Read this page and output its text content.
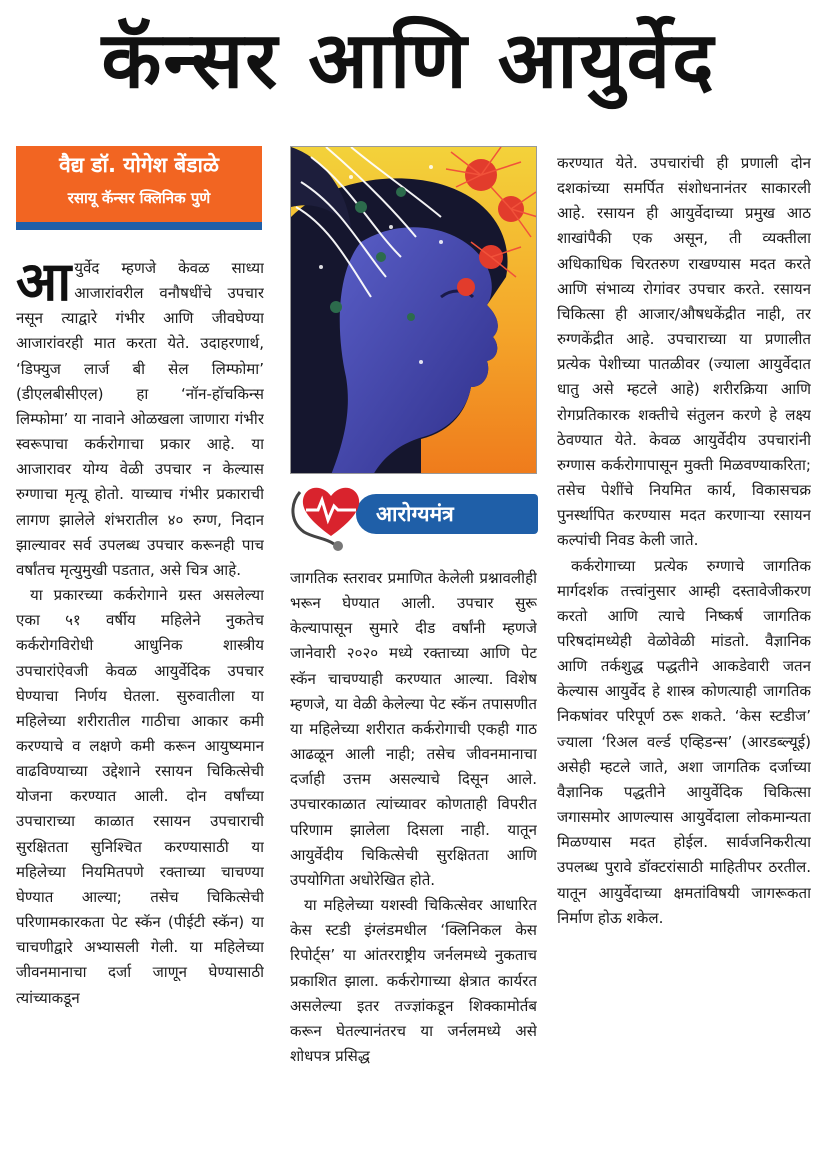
कॅन्सर आणि आयुर्वेद
वैद्य डॉ. योगेश बेंडाळे
रसायू कॅन्सर क्लिनिक पुणे
आरोग्यमंत्र

आयुर्वेद म्हणजे केवळ साध्या आजारांवरील वनौषधींचे उपचार नसून त्याद्वारे गंभीर आणि जीवघेण्या आजारांवरही मात करता येते. उदाहरणार्थ, ‘डिफ्युज लार्ज बी सेल लिम्फोमा’ (डीएलबीसीएल) हा ‘नॉन-हॉचकिन्स लिम्फोमा’ या नावाने ओळखला जाणारा गंभीर स्वरूपाचा कर्करोगाचा प्रकार आहे. या आजारावर योग्य वेळी उपचार न केल्यास रुग्णाचा मृत्यू होतो. याच्याच गंभीर प्रकाराची लागण झालेले शंभरातील ४० रुग्ण, निदान झाल्यावर सर्व उपलब्ध उपचार करूनही पाच वर्षांतच मृत्युमुखी पडतात, असे चित्र आहे.

या प्रकारच्या कर्करोगाने ग्रस्त असलेल्या एका ५१ वर्षीय महिलेने नुकतेच कर्करोगविरोधी आधुनिक शास्त्रीय उपचारांऐवजी केवळ आयुर्वेदिक उपचार घेण्याचा निर्णय घेतला. सुरुवातीला या महिलेच्या शरीरातील गाठीचा आकार कमी करण्याचे व लक्षणे कमी करून आयुष्यमान वाढविण्याच्या उद्देशाने रसायन चिकित्सेची योजना करण्यात आली. दोन वर्षांच्या उपचाराच्या काळात रसायन उपचाराची सुरक्षितता सुनिश्चित करण्यासाठी या महिलेच्या नियमितपणे रक्ताच्या चाचण्या घेण्यात आल्या; तसेच चिकित्सेची परिणामकारकता पेट स्कॅन (पीईटी स्कॅन) या चाचणीद्वारे अभ्यासली गेली. या महिलेच्या जीवनमानाचा दर्जा जाणून घेण्यासाठी त्यांच्याकडून

जागतिक स्तरावर प्रमाणित केलेली प्रश्नावलीही भरून घेण्यात आली. उपचार सुरू केल्यापासून सुमारे दीड वर्षांनी म्हणजे जानेवारी २०२० मध्ये रक्ताच्या आणि पेट स्कॅन चाचण्याही करण्यात आल्या. विशेष म्हणजे, या वेळी केलेल्या पेट स्कॅन तपासणीत या महिलेच्या शरीरात कर्करोगाची एकही गाठ आढळून आली नाही; तसेच जीवनमानाचा दर्जाही उत्तम असल्याचे दिसून आले. उपचारकाळात त्यांच्यावर कोणताही विपरीत परिणाम झालेला दिसला नाही. यातून आयुर्वेदीय चिकित्सेची सुरक्षितता आणि उपयोगिता अधोरेखित होते.

या महिलेच्या यशस्वी चिकित्सेवर आधारित केस स्टडी इंग्लंडमधील ‘क्लिनिकल केस रिपोर्ट्स’ या आंतरराष्ट्रीय जर्नलमध्ये नुकताच प्रकाशित झाला. कर्करोगाच्या क्षेत्रात कार्यरत असलेल्या इतर तज्ज्ञांकडून शिक्कामोर्तब करून घेतल्यानंतरच या जर्नलमध्ये असे शोधपत्र प्रसिद्ध

करण्यात येते. उपचारांची ही प्रणाली दोन दशकांच्या समर्पित संशोधनानंतर साकारली आहे. रसायन ही आयुर्वेदाच्या प्रमुख आठ शाखांपैकी एक असून, ती व्यक्तीला अधिकाधिक चिरतरुण राखण्यास मदत करते आणि संभाव्य रोगांवर उपचार करते. रसायन चिकित्सा ही आजार/औषधकेंद्रीत नाही, तर रुग्णकेंद्रीत आहे. उपचाराच्या या प्रणालीत प्रत्येक पेशीच्या पातळीवर (ज्याला आयुर्वेदात धातु असे म्हटले आहे) शरीरक्रिया आणि रोगप्रतिकारक शक्तीचे संतुलन करणे हे लक्ष्य ठेवण्यात येते. केवळ आयुर्वेदीय उपचारांनी रुग्णास कर्करोगापासून मुक्ती मिळवण्याकरिता; तसेच पेशींचे नियमित कार्य, विकासचक्र पुनर्स्थापित करण्यास मदत करणाऱ्या रसायन कल्पांची निवड केली जाते.

कर्करोगाच्या प्रत्येक रुग्णाचे जागतिक मार्गदर्शक तत्त्वांनुसार आम्ही दस्तावेजीकरण करतो आणि त्याचे निष्कर्ष जागतिक परिषदांमध्येही वेळोवेळी मांडतो. वैज्ञानिक आणि तर्कशुद्ध पद्धतीने आकडेवारी जतन केल्यास आयुर्वेद हे शास्त्र कोणत्याही जागतिक निकषांवर परिपूर्ण ठरू शकते. ‘केस स्टडीज’ ज्याला ‘रिअल वर्ल्ड एव्हिडन्स’ (आरडब्ल्यूई) असेही म्हटले जाते, अशा जागतिक दर्जाच्या वैज्ञानिक पद्धतीने आयुर्वेदिक चिकित्सा जगासमोर आणल्यास आयुर्वेदाला लोकमान्यता मिळण्यास मदत होईल. सार्वजनिकरीत्या उपलब्ध पुरावे डॉक्टरांसाठी माहितीपर ठरतील. यातून आयुर्वेदाच्या क्षमतांविषयी जागरूकता निर्माण होऊ शकेल.
